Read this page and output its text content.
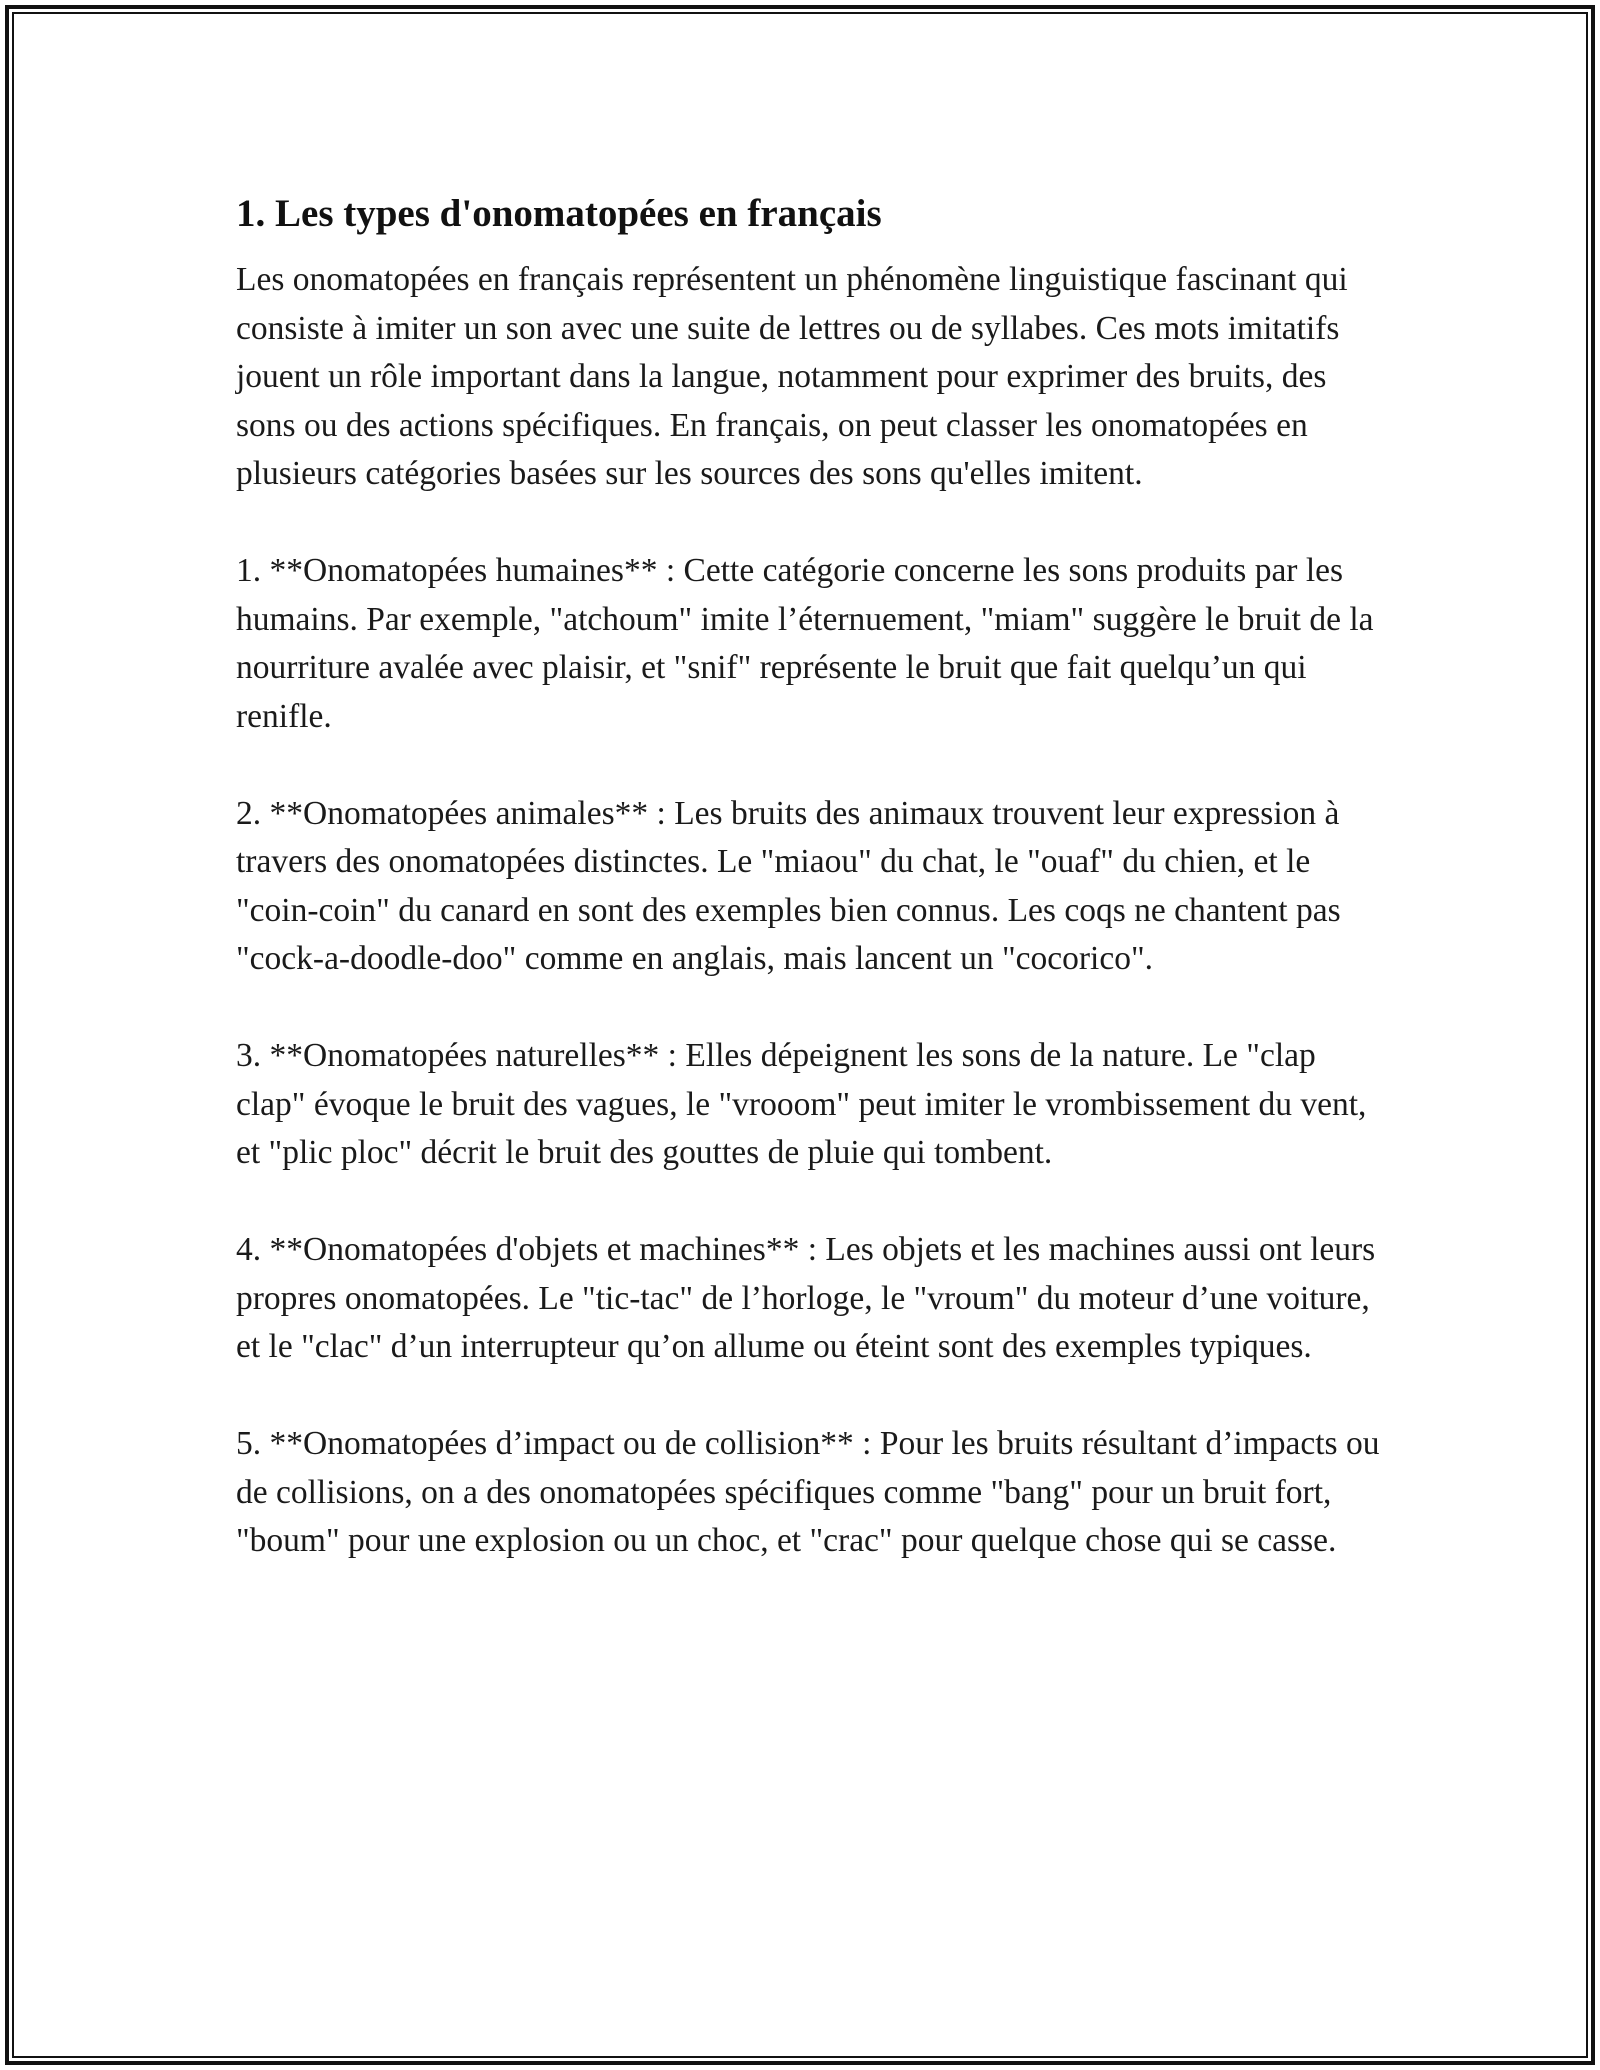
1. Les types d'onomatopées en français

Les onomatopées en français représentent un phénomène linguistique fascinant qui consiste à imiter un son avec une suite de lettres ou de syllabes. Ces mots imitatifs jouent un rôle important dans la langue, notamment pour exprimer des bruits, des sons ou des actions spécifiques. En français, on peut classer les onomatopées en plusieurs catégories basées sur les sources des sons qu'elles imitent.

1. **Onomatopées humaines** : Cette catégorie concerne les sons produits par les humains. Par exemple, "atchoum" imite l’éternuement, "miam" suggère le bruit de la nourriture avalée avec plaisir, et "snif" représente le bruit que fait quelqu’un qui renifle.

2. **Onomatopées animales** : Les bruits des animaux trouvent leur expression à travers des onomatopées distinctes. Le "miaou" du chat, le "ouaf" du chien, et le "coin-coin" du canard en sont des exemples bien connus. Les coqs ne chantent pas "cock-a-doodle-doo" comme en anglais, mais lancent un "cocorico".

3. **Onomatopées naturelles** : Elles dépeignent les sons de la nature. Le "clap clap" évoque le bruit des vagues, le "vrooom" peut imiter le vrombissement du vent, et "plic ploc" décrit le bruit des gouttes de pluie qui tombent.

4. **Onomatopées d'objets et machines** : Les objets et les machines aussi ont leurs propres onomatopées. Le "tic-tac" de l’horloge, le "vroum" du moteur d’une voiture, et le "clac" d’un interrupteur qu’on allume ou éteint sont des exemples typiques.

5. **Onomatopées d’impact ou de collision** : Pour les bruits résultant d’impacts ou de collisions, on a des onomatopées spécifiques comme "bang" pour un bruit fort, "boum" pour une explosion ou un choc, et "crac" pour quelque chose qui se casse.
